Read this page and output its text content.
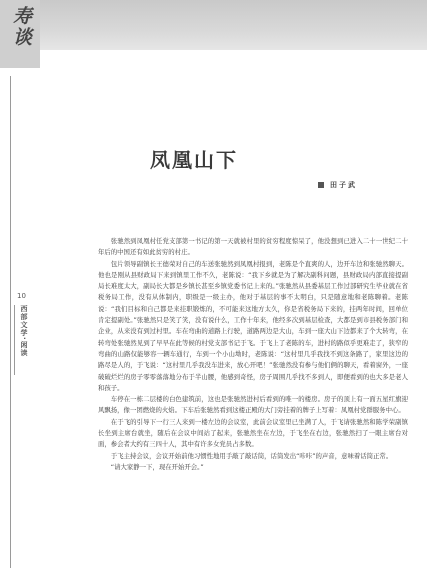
寿谈
10
西部文学·闲读
凤凰山下
田子武

张驰然到凤凰村任党支部第一书记的第一天就被村里的贫穷程度惊呆了，他没想到已进入二十一世纪二十年后的中国还有如此贫穷的村庄。

包片领导副镇长王德荣对自己的车送张驰然到凤凰村报到，老陈是个直爽的人，边开车边和张驰然聊天。他也是刚从县财政局下来到镇里工作不久，老陈说：“我下乡就是为了解决副科问题，县财政局内部直接提副局长难度太大，副局长大都是乡镇长甚至乡镇党委书记上来的。”张驰然从县委基层工作过部研究生毕业就在省税务局工作，没有从体制内，职级是一级主办，他对于基层的事不太明白，只是随意地和老陈聊着。老陈说：“我们目标和自己都是来挂职锻炼的，不可能来这地方太久，你是省税务局下来的，挂两年时间，回单位肯定提副处。”张驰然只是笑了笑，没有说什么，工作十年来，他经多次到基层检查，大都是到市县税务部门和企业，从来没有到过村里。车在弯曲的道路上行驶，道路两边是大山，车到一座大山下边都来了个大转弯，在转弯处张驰然见到了早早在此等候的村党支部书记于飞。于飞上了老陈的车，进村的路似乎更难走了，狭窄的弯曲的山路仅能够容一辆车通行，车到一个小山坳时，老陈说：“这村里几乎我找不到这条路了，家里这边的路尽是人的，于飞说：“这村里几乎我没车进来，放心开吧！”张驰然没有参与他们俩的聊天，看着窗外，一座破破烂烂的房子零零落落地分布于半山腰，他感到奇怪，房子周围几乎找不多到人，即便看到的也大多是老人和孩子。

车停在一栋二层楼的白色建筑前，这也是张驰然进村后看到的唯一的楼房。房子的顶上有一面五星红旗迎风飘扬，像一团燃烧的火焰。下车后张驰然看到这楼正殿的大门旁挂着的牌子上写着：凤凰村党群服务中心。

在于飞的引导下一行三人来到一楼左边的会议室，此前会议室里已坐满了人，于飞请张驰然和陈学荣副镇长坐到主席台就坐，随后在会议中间站了起来，张驰然坐在左边，于飞坐在右边，张驰然扫了一眼主席台对面，参会者大约有三四十人，其中有许多女党员占多数。

于飞主持会议，会议开始前他习惯性地用手敲了敲话筒，话筒发出“咔咔”的声音，意味着话筒正常。

“请大家静一下，现在开始开会。”
